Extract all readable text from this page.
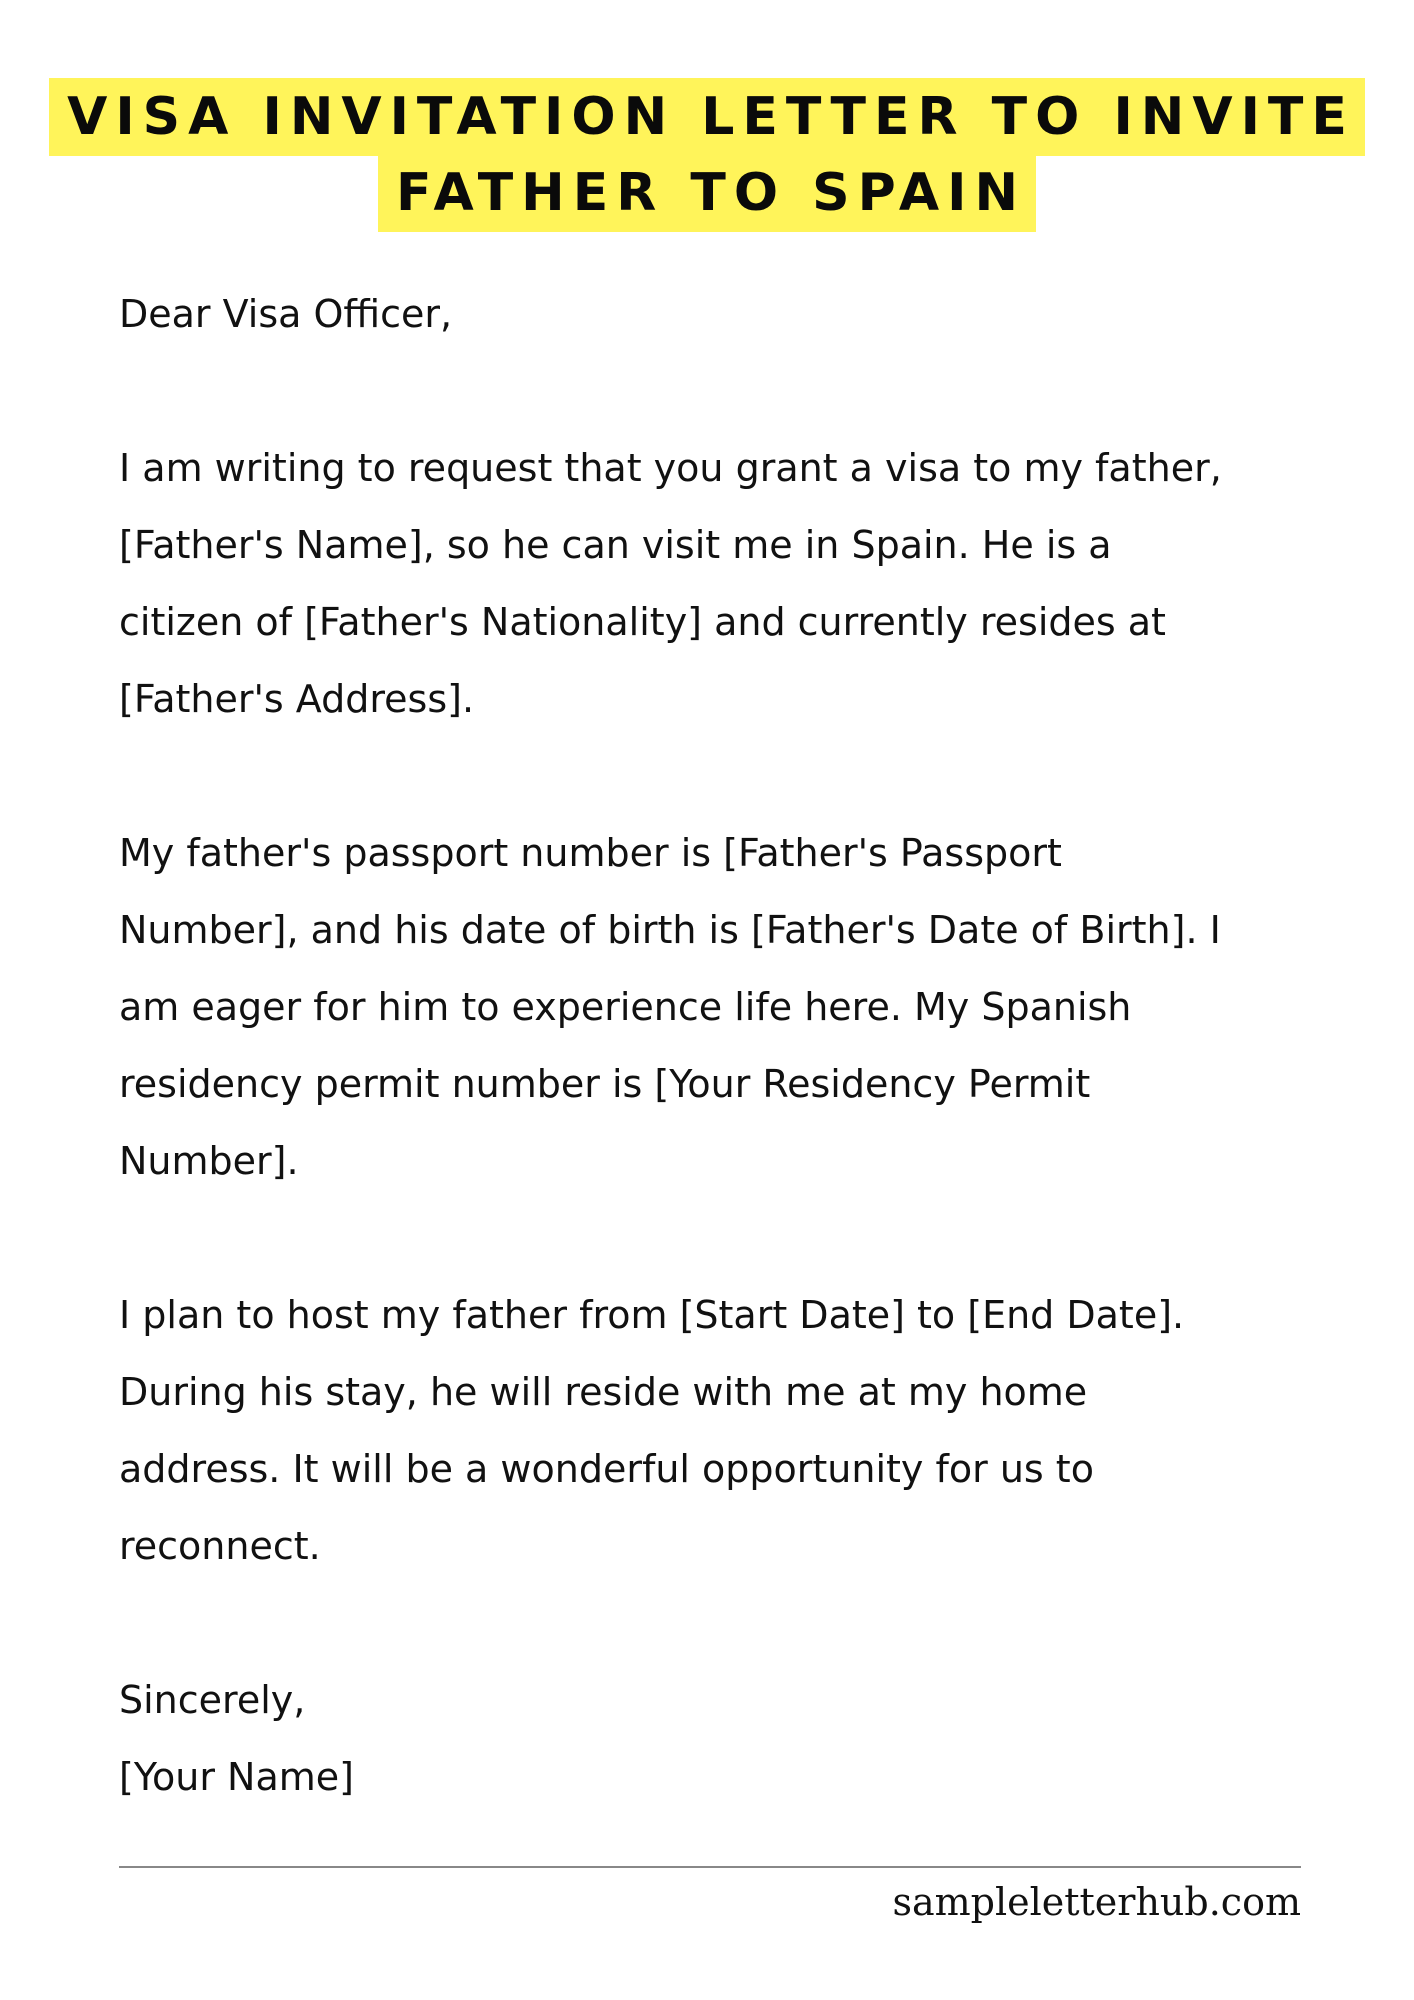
VISA INVITATION LETTER TO INVITE
FATHER TO SPAIN

Dear Visa Officer,

I am writing to request that you grant a visa to my father,

[Father's Name], so he can visit me in Spain. He is a

citizen of [Father's Nationality] and currently resides at

[Father's Address].

My father's passport number is [Father's Passport

Number], and his date of birth is [Father's Date of Birth]. I

am eager for him to experience life here. My Spanish

residency permit number is [Your Residency Permit

Number].

I plan to host my father from [Start Date] to [End Date].

During his stay, he will reside with me at my home

address. It will be a wonderful opportunity for us to

reconnect.

Sincerely,

[Your Name]

sampleletterhub.com
